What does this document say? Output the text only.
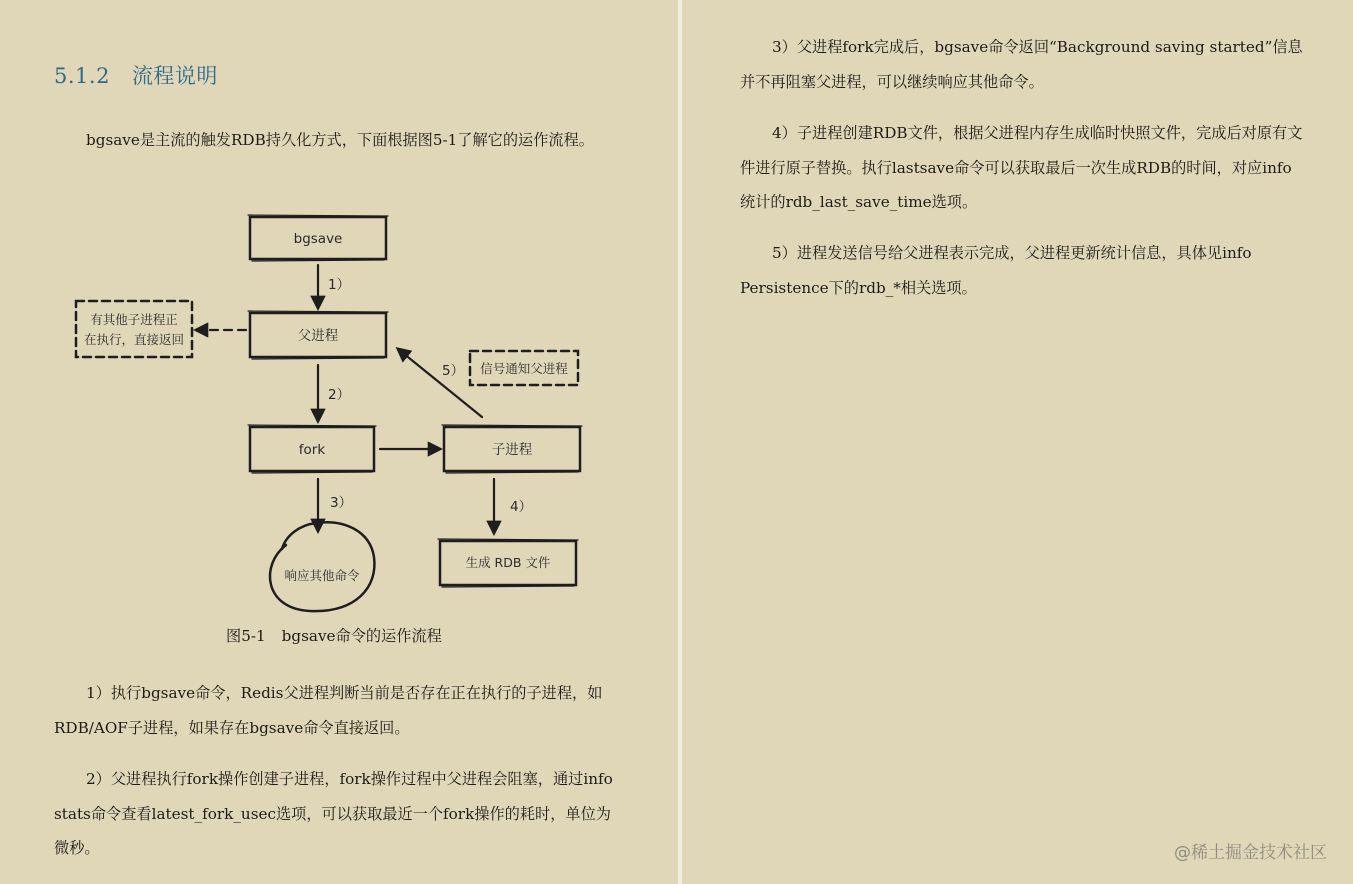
5.1.2 流程说明

bgsave是主流的触发RDB持久化方式，下面根据图5-1了解它的运作流程。

bgsave
父进程
fork	子进程
有其他子进程正
在执行，直接返回
信号通知父进程
响应其他命令
生成 RDB 文件
1）
2）
3）	4）
5）
图5-1 bgsave命令的运作流程

1）执行bgsave命令，Redis父进程判断当前是否存在正在执行的子进程，如RDB/AOF子进程，如果存在bgsave命令直接返回。

2）父进程执行fork操作创建子进程，fork操作过程中父进程会阻塞，通过info stats命令查看latest_fork_usec选项，可以获取最近一个fork操作的耗时，单位为微秒。

3）父进程fork完成后，bgsave命令返回“Background saving started”信息并不再阻塞父进程，可以继续响应其他命令。

4）子进程创建RDB文件，根据父进程内存生成临时快照文件，完成后对原有文件进行原子替换。执行lastsave命令可以获取最后一次生成RDB的时间，对应info统计的rdb_last_save_time选项。

5）进程发送信号给父进程表示完成，父进程更新统计信息，具体见info Persistence下的rdb_*相关选项。

@稀土掘金技术社区
